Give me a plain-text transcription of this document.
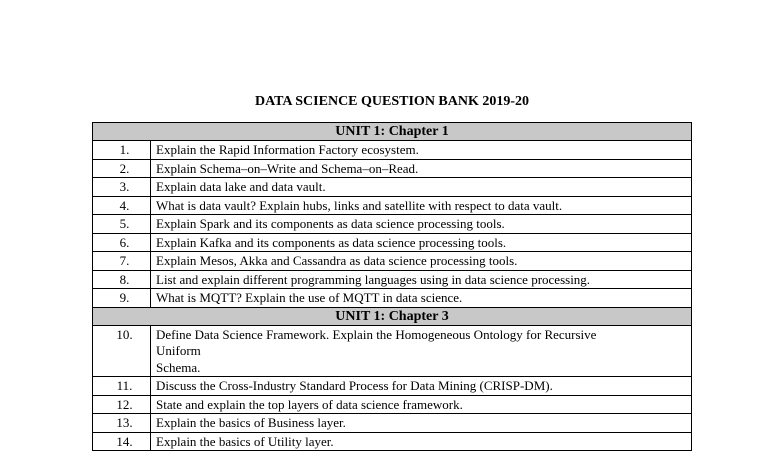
DATA SCIENCE QUESTION BANK 2019-20
UNIT 1: Chapter 1	
1.	Explain the Rapid Information Factory ecosystem.
2.	Explain Schema–on–Write and Schema–on–Read.
3.	Explain data lake and data vault.
4.	What is data vault? Explain hubs, links and satellite with respect to data vault.
5.	Explain Spark and its components as data science processing tools.
6.	Explain Kafka and its components as data science processing tools.
7.	Explain Mesos, Akka and Cassandra as data science processing tools.
8.	List and explain different programming languages using in data science processing.
9.	What is MQTT? Explain the use of MQTT in data science.
UNIT 1: Chapter 3	
10.	Define Data Science Framework. Explain the Homogeneous Ontology for Recursive
Uniform
Schema.

11.	Discuss the Cross-Industry Standard Process for Data Mining (CRISP-DM).
12.	State and explain the top layers of data science framework.
13.	Explain the basics of Business layer.
14.	Explain the basics of Utility layer.
